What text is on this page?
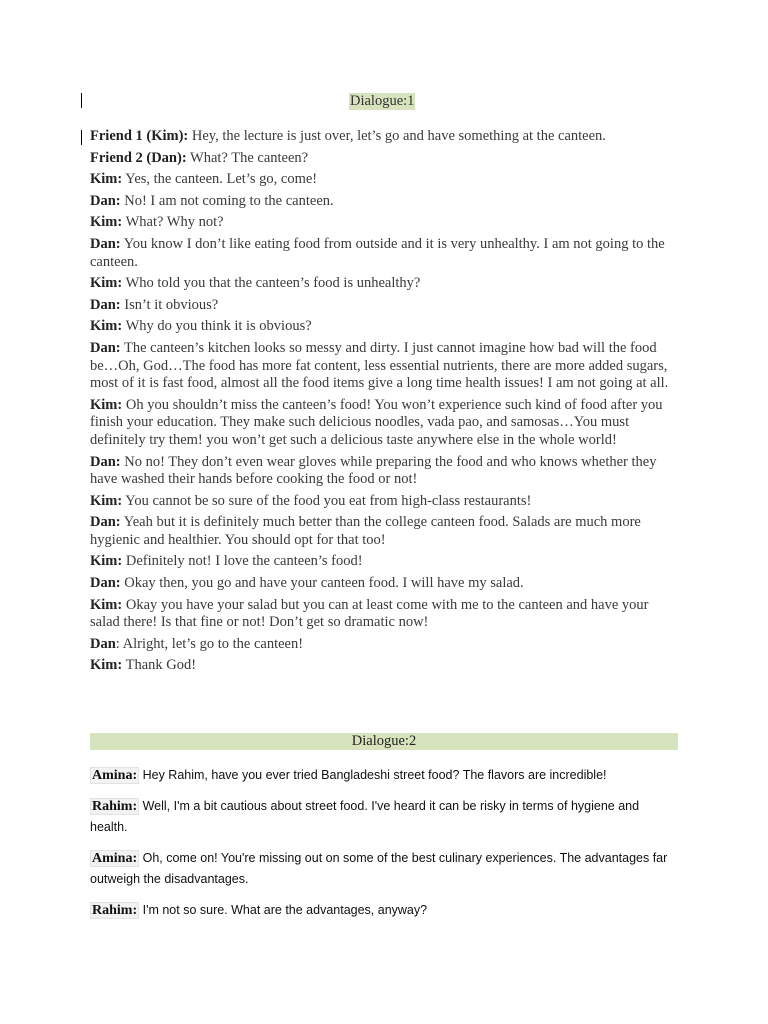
Dialogue:1

Friend 1 (Kim): Hey, the lecture is just over, let’s go and have something at the canteen.

Friend 2 (Dan): What? The canteen?

Kim: Yes, the canteen. Let’s go, come!

Dan: No! I am not coming to the canteen.

Kim: What? Why not?

Dan: You know I don’t like eating food from outside and it is very unhealthy. I am not going to the canteen.

Kim: Who told you that the canteen’s food is unhealthy?

Dan: Isn’t it obvious?

Kim: Why do you think it is obvious?

Dan: The canteen’s kitchen looks so messy and dirty. I just cannot imagine how bad will the food be…Oh, God…The food has more fat content, less essential nutrients, there are more added sugars, most of it is fast food, almost all the food items give a long time health issues! I am not going at all.

Kim: Oh you shouldn’t miss the canteen’s food! You won’t experience such kind of food after you finish your education. They make such delicious noodles, vada pao, and samosas…You must definitely try them! you won’t get such a delicious taste anywhere else in the whole world!

Dan: No no! They don’t even wear gloves while preparing the food and who knows whether they have washed their hands before cooking the food or not!

Kim: You cannot be so sure of the food you eat from high-class restaurants!

Dan: Yeah but it is definitely much better than the college canteen food. Salads are much more hygienic and healthier. You should opt for that too!

Kim: Definitely not! I love the canteen’s food!

Dan: Okay then, you go and have your canteen food. I will have my salad.

Kim: Okay you have your salad but you can at least come with me to the canteen and have your salad there! Is that fine or not! Don’t get so dramatic now!

Dan: Alright, let’s go to the canteen!

Kim: Thank God!

Dialogue:2

Amina: Hey Rahim, have you ever tried Bangladeshi street food? The flavors are incredible!

Rahim: Well, I'm a bit cautious about street food. I've heard it can be risky in terms of hygiene and health.

Amina: Oh, come on! You're missing out on some of the best culinary experiences. The advantages far outweigh the disadvantages.

Rahim: I'm not so sure. What are the advantages, anyway?
